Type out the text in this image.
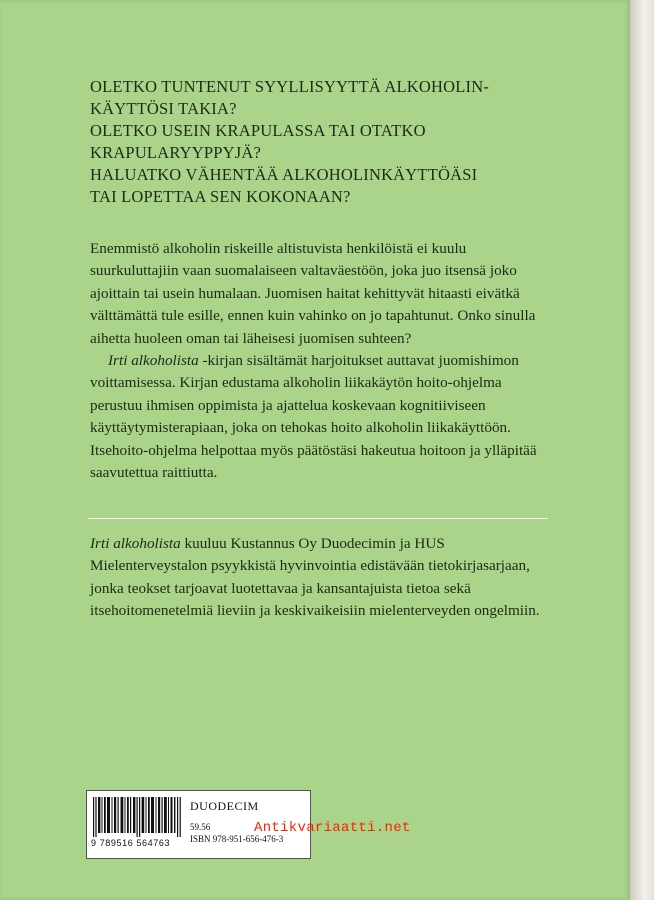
OLETKO TUNTENUT SYYLLISYYTTÄ ALKOHOLIN-
KÄYTTÖSI TAKIA?
OLETKO USEIN KRAPULASSA TAI OTATKO
KRAPULARYYPPYJÄ?
HALUATKO VÄHENTÄÄ ALKOHOLINKÄYTTÖÄSI
TAI LOPETTAA SEN KOKONAAN?

Enemmistö alkoholin riskeille altistuvista henkilöistä ei kuulu suurkuluttajiin vaan suomalaiseen valtaväestöön, joka juo itsensä joko ajoittain tai usein humalaan. Juomisen haitat kehittyvät hitaasti eivätkä välttämättä tule esille, ennen kuin vahinko on jo tapahtunut. Onko sinulla aihetta huoleen oman tai läheisesi juomisen suhteen?

Irti alkoholista -kirjan sisältämät harjoitukset auttavat juomishimon voittamisessa. Kirjan edustama alkoholin liikakäytön hoito-ohjelma perustuu ihmisen oppimista ja ajattelua koskevaan kognitiiviseen käyttäytymisterapiaan, joka on tehokas hoito alkoholin liikakäyttöön. Itsehoito-ohjelma helpottaa myös päätöstäsi hakeutua hoitoon ja ylläpitää saavutettua raittiutta.

Irti alkoholista kuuluu Kustannus Oy Duodecimin ja HUS Mielenterveystalon psyykkistä hyvinvointia edistävään tietokirjasarjaan, jonka teokset tarjoavat luotettavaa ja kansantajuista tietoa sekä itsehoitomenetelmiä lieviin ja keskivaikeisiin mielenterveyden ongelmiin.

9 789516 564763
DUODECIM
59.56
ISBN 978-951-656-476-3
Antikvariaatti.net
